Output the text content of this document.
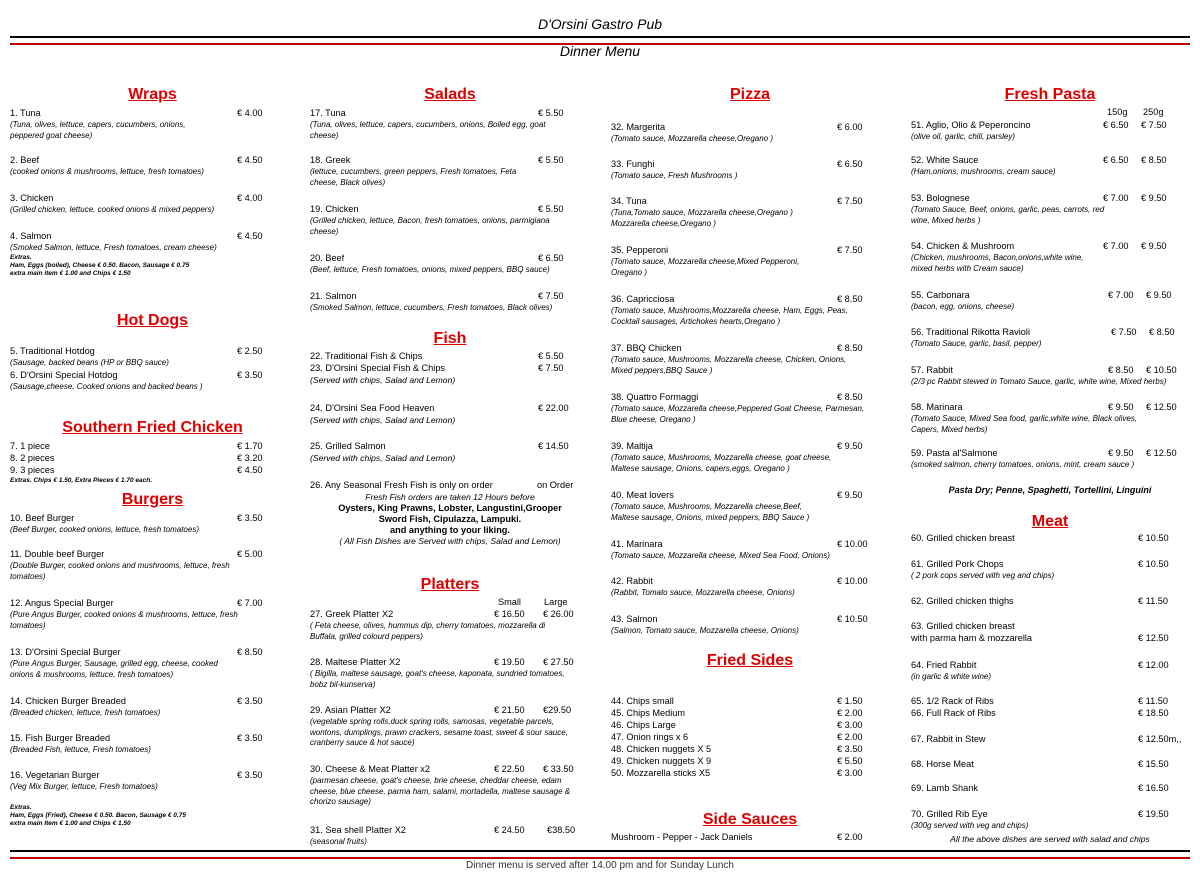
D'Orsini Gastro Pub
Dinner Menu
Wraps
1. Tuna	€ 4.00
(Tuna, olives, lettuce, capers, cucumbers, onions, peppered goat cheese)
2. Beef	€ 4.50
(cooked onions & mushrooms, lettuce, fresh tomatoes)
3. Chicken	€ 4.00
(Grilled chicken, lettuce, cooked onions & mixed peppers)
4. Salmon	€ 4.50
(Smoked Salmon, lettuce, Fresh tomatoes, cream cheese)
Extras.
Ham, Eggs (boiled), Cheese € 0.50. Bacon, Sausage € 0.75
extra main item € 1.00 and Chips € 1.50
Hot Dogs
5. Traditional Hotdog	€ 2.50
(Sausage, backed beans (HP or BBQ sauce)
6. D'Orsini Special Hotdog	€ 3.50
(Sausage,cheese, Cooked onions and backed beans )
Southern Fried Chicken
7. 1 piece	€ 1.70
8. 2 pieces	€ 3.20
9. 3 pieces	€ 4.50
Extras. Chips € 1.50, Extra Pieces € 1.70 each.
Burgers
10. Beef Burger	€ 3.50
(Beef Burger, cooked onions, lettuce, fresh tomatoes)
11. Double beef Burger	€ 5.00
(Double Burger, cooked onions and mushrooms, lettuce, fresh tomatoes)
12. Angus Special Burger	€ 7.00
(Pure Angus Burger, cooked onions & mushrooms, lettuce, fresh tomatoes)
13. D'Orsini Special Burger	€ 8.50
(Pure Angus Burger, Sausage, grilled egg, cheese, cooked onions & mushrooms, lettuce, fresh tomatoes)
14. Chicken Burger Breaded	€ 3.50
(Breaded chicken, lettuce, fresh tomatoes)
15. Fish Burger Breaded	€ 3.50
(Breaded Fish, lettuce, Fresh tomatoes)
16. Vegetarian Burger	€ 3.50
(Veg Mix Burger, lettuce, Fresh tomatoes)
Extras.
Ham, Eggs (Fried), Cheese € 0.50. Bacon, Sausage € 0.75
extra main Item € 1.00 and Chips € 1.50
Salads
17. Tuna	€ 5.50
(Tuna, olives, lettuce, capers, cucumbers, onions, Boiled egg, goat cheese)
18. Greek	€ 5.50
(lettuce, cucumbers, green peppers, Fresh tomatoes, Feta cheese, Black olives)
19. Chicken	€ 5.50
(Grilled chicken, lettuce, Bacon, fresh tomatoes, onions, parmigiana cheese)
20. Beef	€ 6.50
(Beef, lettuce, Fresh tomatoes, onions, mixed peppers, BBQ sauce)
21. Salmon	€ 7.50
(Smoked Salmon, lettuce, cucumbers, Fresh tomatoes, Black olives)
Fish
22. Traditional Fish & Chips	€ 5.50
23. D'Orsini Special Fish & Chips	€ 7.50
(Served with chips, Salad and Lemon)
24. D'Orsini Sea Food Heaven	€ 22.00
(Served with chips, Salad and Lemon)
25. Grilled Salmon	€ 14.50
(Served with chips, Salad and Lemon)
26. Any Seasonal Fresh Fish is only on order	on Order
Fresh Fish orders are taken 12 Hours before
Oysters, King Prawns, Lobster, Langustini,Grooper
Sword Fish, Cipulazza, Lampuki.
and anything to your liking.
( All Fish Dishes are Served with chips, Salad and Lemon)
Platters
Small	Large
27. Greek Platter X2	€ 16.50 € 26.00
( Feta cheese, olives, hummus dip, cherry tomatoes, mozzarella di Buffala, grilled colourd peppers)
28. Maltese Platter X2	€ 19.50 € 27.50
( Bigilla, maltese sausage, goat's cheese, kaponata, sundried tomatoes, bobz bil-kunserva)
29. Asian Platter X2	€ 21.50 €29.50
(vegetable spring rolls,duck spring rolls, samosas, vegetable parcels, wontons, dumplings, prawn crackers, sesame toast, sweet & sour sauce, cranberry sauce & hot sauce)
30. Cheese & Meat Platter x2	€ 22.50 € 33.50
(parmesan cheese, goat's cheese, brie cheese, cheddar cheese, edam cheese, blue cheese, parma ham, salami, mortadella, maltese sausage & chorizo sausage)
31. Sea shell Platter X2	€ 24.50 €38.50
(seasonal fruits)
Pizza
32. Margerita	€ 6.00
(Tomato sauce, Mozzarella cheese,Oregano )
33. Funghi	€ 6.50
(Tomato sauce, Fresh Mushrooms )
34. Tuna	€ 7.50
(Tuna,Tomato sauce, Mozzarella cheese,Oregano ) Mozzarella cheese,Oregano )
35. Pepperoni	€ 7.50
(Tomato sauce, Mozzarella cheese,Mixed Pepperoni, Oregano )
36. Capricciosa	€ 8.50
(Tomato sauce, Mushrooms,Mozzarella cheese, Ham, Eggs, Peas, Cocktail sausages, Artichokes hearts,Oregano )
37. BBQ Chicken	€ 8.50
(Tomato sauce, Mushrooms, Mozzarella cheese, Chicken, Onions, Mixed peppers,BBQ Sauce )
38. Quattro Formaggi	€ 8.50
(Tomato sauce, Mozzarella cheese,Peppered Goat Cheese, Parmesan, Blue cheese, Oregano )
39. Maltija	€ 9.50
(Tomato sauce, Mushrooms, Mozzarella cheese, goat cheese, Maltese sausage, Onions, capers,eggs, Oregano )
40. Meat lovers	€ 9.50
(Tomato sauce, Mushrooms, Mozzarella cheese,Beef, Maltese sausage, Onions, mixed peppers, BBQ Sauce )
41. Marinara	€ 10.00
(Tomato sauce, Mozzarella cheese, Mixed Sea Food, Onions)
42. Rabbit	€ 10.00
(Rabbit, Tomato sauce, Mozzarella cheese, Onions)
43. Salmon	€ 10.50
(Salmon, Tomato sauce, Mozzarella cheese, Onions)
Fried Sides
44. Chips small	€ 1.50
45. Chips Medium	€ 2.00
46. Chips Large	€ 3.00
47. Onion rings x 6	€ 2.00
48. Chicken nuggets X 5	€ 3.50
49. Chicken nuggets X 9	€ 5.50
50. Mozzarella sticks X5	€ 3.00
Side Sauces
Mushroom - Pepper - Jack Daniels	€ 2.00
Fresh Pasta
150g 250g
51. Aglio, Olio & Peperoncino	€ 6.50 € 7.50
(olive oil, garlic, chili, parsley)
52. White Sauce	€ 6.50 € 8.50
(Ham,onions, mushrooms, cream sauce)
53. Bolognese	€ 7.00 € 9.50
(Tomato Sauce, Beef, onions, garlic, peas, carrots, red wine, Mixed herbs )
54. Chicken & Mushroom	€ 7.00 € 9.50
(Chicken, mushrooms, Bacon,onions,white wine, mixed herbs with Cream sauce)
55. Carbonara	€ 7.00 € 9.50
(bacon, egg, onions, cheese)
56. Traditional Rikotta Ravioli	€ 7.50 € 8.50
(Tomato Sauce, garlic, basil, pepper)
57. Rabbit	€ 8.50 € 10.50
(2/3 pc Rabbit stewed in Tomato Sauce, garlic, white wine, Mixed herbs)
58. Marinara	€ 9.50 € 12.50
(Tomato Sauce, Mixed Sea food, garlic,white wine, Black olives, Capers, Mixed herbs)
59. Pasta al'Salmone	€ 9.50 € 12.50
(smoked salmon, cherry tomatoes, onions, mint, cream sauce )
Pasta Dry; Penne, Spaghetti, Tortellini, Linguini
Meat
60. Grilled chicken breast	€ 10.50
61. Grilled Pork Chops	€ 10.50
( 2 pork cops served with veg and chips)
62. Grilled chicken thighs	€ 11.50
63. Grilled chicken breast
with parma ham & mozzarella	€ 12.50
64. Fried Rabbit	€ 12.00
(in garlic & white wine)
65. 1/2 Rack of Ribs	€ 11.50
66. Full Rack of Ribs	€ 18.50
67. Rabbit in Stew	€ 12.50m,,
68. Horse Meat	€ 15.50
69. Lamb Shank	€ 16.50
70. Grilled Rib Eye	€ 19.50
(300g served with veg and chips)
All the above dishes are served with salad and chips
Dinner menu is served after 14.00 pm and for Sunday Lunch
